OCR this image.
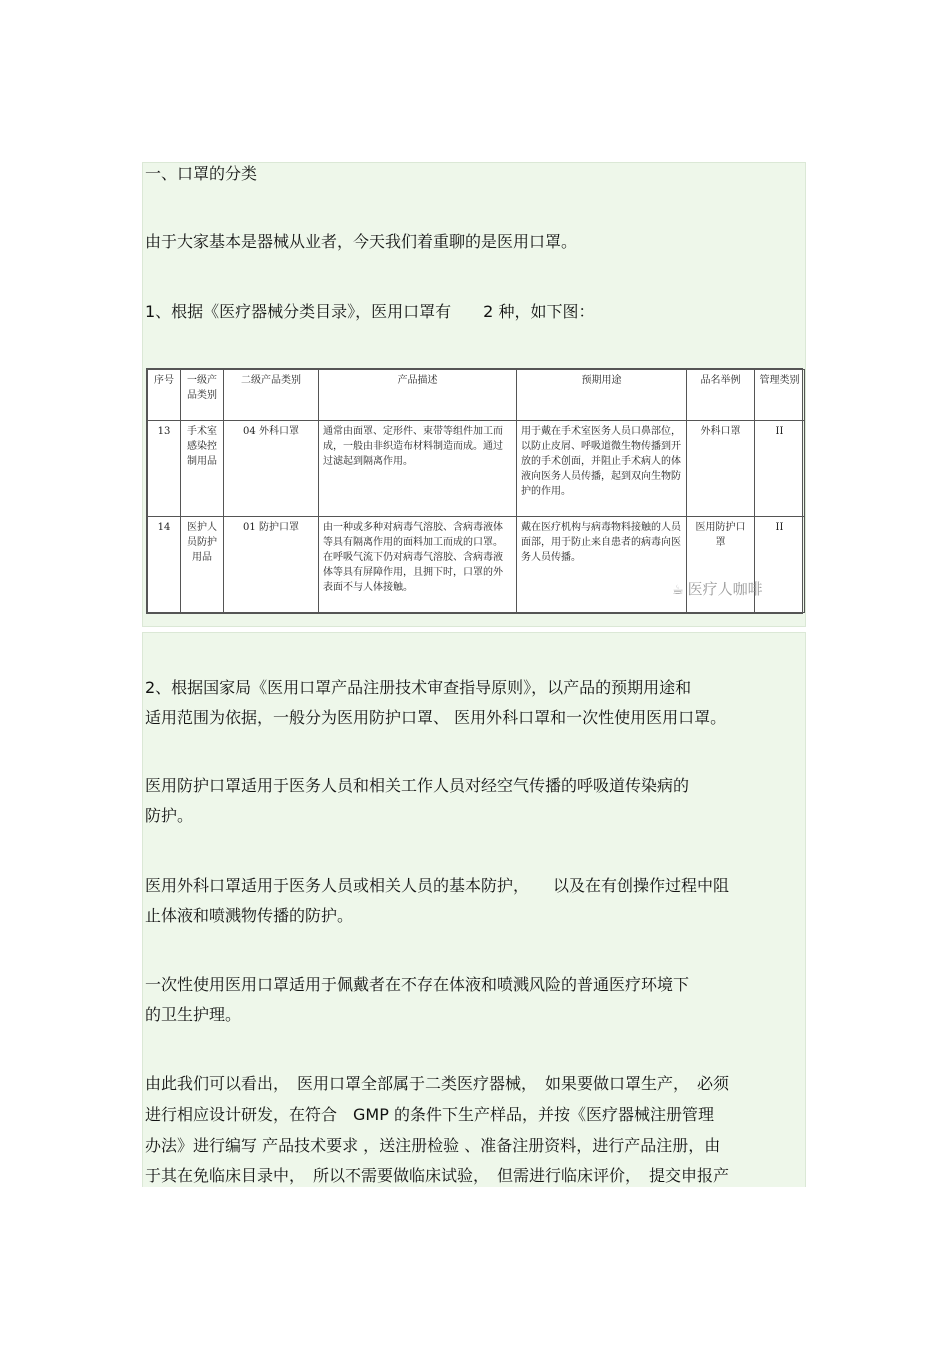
一、口罩的分类

由于大家基本是器械从业者，今天我们着重聊的是医用口罩。

1、根据《医疗器械分类目录》，医用口罩有　　2 种，如下图：

序号	一级产品类别	二级产品类别	产品描述	预期用途	品名举例	管理类别
13	手术室感染控制用品	04 外科口罩	通常由面罩、定形件、束带等组件加工而成，一般由非织造布材料制造而成。通过过滤起到隔离作用。	用于戴在手术室医务人员口鼻部位，以防止皮屑、呼吸道微生物传播到开放的手术创面，并阻止手术病人的体液向医务人员传播，起到双向生物防护的作用。	外科口罩	II
14	医护人员防护用品	01 防护口罩	由一种或多种对病毒气溶胶、含病毒液体等具有隔离作用的面料加工而成的口罩。在呼吸气流下仍对病毒气溶胶、含病毒液体等具有屏障作用，且拥下时，口罩的外表面不与人体接触。	戴在医疗机构与病毒物料接触的人员面部，用于防止来自患者的病毒向医务人员传播。	医用防护口罩	II
☕ 医疗人咖啡

2、根据国家局《医用口罩产品注册技术审查指导原则》，以产品的预期用途和

适用范围为依据，一般分为医用防护口罩、 医用外科口罩和一次性使用医用口罩。

医用防护口罩适用于医务人员和相关工作人员对经空气传播的呼吸道传染病的

防护。

医用外科口罩适用于医务人员或相关人员的基本防护，　　以及在有创操作过程中阻

止体液和喷溅物传播的防护。

一次性使用医用口罩适用于佩戴者在不存在体液和喷溅风险的普通医疗环境下

的卫生护理。

由此我们可以看出，　医用口罩全部属于二类医疗器械，　如果要做口罩生产，　必须

进行相应设计研发，在符合　GMP 的条件下生产样品，并按《医疗器械注册管理

办法》进行编写 产品技术要求 ，送注册检验 、准备注册资料，进行产品注册，由

于其在免临床目录中，　所以不需要做临床试验，　但需进行临床评价，　提交申报产
